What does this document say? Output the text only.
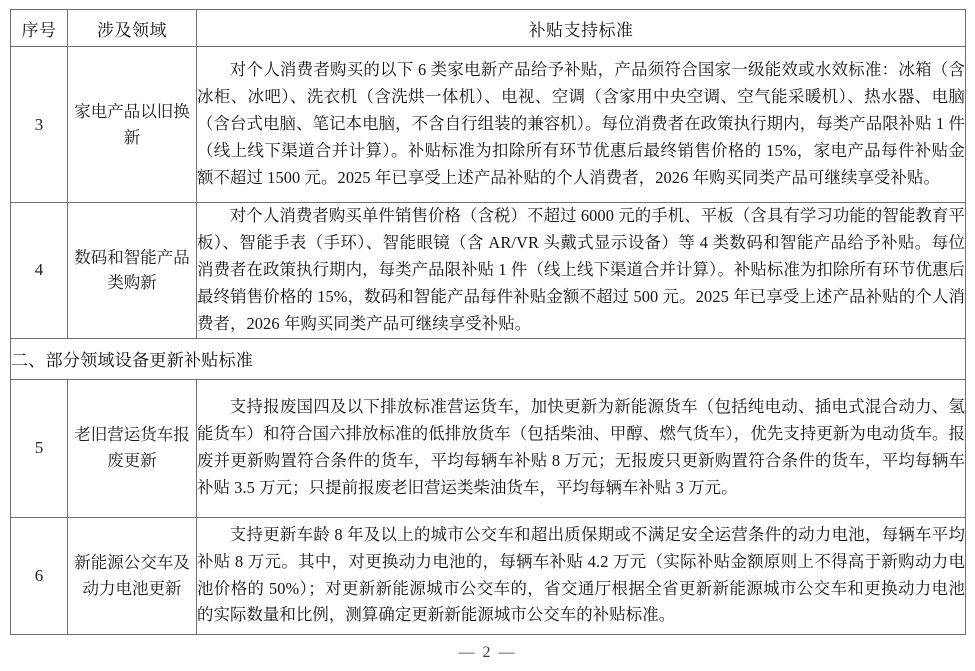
序号	涉及领域	补贴支持标准
3	家电产品以旧换新	对个人消费者购买的以下 6 类家电新产品给予补贴，产品须符合国家一级能效或水效标准：冰箱（含冰柜、冰吧）、洗衣机（含洗烘一体机）、电视、空调（含家用中央空调、空气能采暖机）、热水器、电脑（含台式电脑、笔记本电脑，不含自行组装的兼容机）。每位消费者在政策执行期内，每类产品限补贴 1 件（线上线下渠道合并计算）。补贴标准为扣除所有环节优惠后最终销售价格的 15%，家电产品每件补贴金额不超过 1500 元。2025 年已享受上述产品补贴的个人消费者，2026 年购买同类产品可继续享受补贴。
4	数码和智能产品类购新	对个人消费者购买单件销售价格（含税）不超过 6000 元的手机、平板（含具有学习功能的智能教育平板）、智能手表（手环）、智能眼镜（含 AR/VR 头戴式显示设备）等 4 类数码和智能产品给予补贴。每位消费者在政策执行期内，每类产品限补贴 1 件（线上线下渠道合并计算）。补贴标准为扣除所有环节优惠后最终销售价格的 15%，数码和智能产品每件补贴金额不超过 500 元。2025 年已享受上述产品补贴的个人消费者，2026 年购买同类产品可继续享受补贴。
二、部分领域设备更新补贴标准		
5	老旧营运货车报废更新	支持报废国四及以下排放标准营运货车，加快更新为新能源货车（包括纯电动、插电式混合动力、氢能货车）和符合国六排放标准的低排放货车（包括柴油、甲醇、燃气货车），优先支持更新为电动货车。报废并更新购置符合条件的货车，平均每辆车补贴 8 万元；无报废只更新购置符合条件的货车，平均每辆车补贴 3.5 万元；只提前报废老旧营运类柴油货车，平均每辆车补贴 3 万元。
6	新能源公交车及动力电池更新	支持更新车龄 8 年及以上的城市公交车和超出质保期或不满足安全运营条件的动力电池，每辆车平均补贴 8 万元。其中，对更换动力电池的，每辆车补贴 4.2 万元（实际补贴金额原则上不得高于新购动力电池价格的 50%）；对更新新能源城市公交车的，省交通厅根据全省更新新能源城市公交车和更换动力电池的实际数量和比例，测算确定更新新能源城市公交车的补贴标准。
— 2 —
